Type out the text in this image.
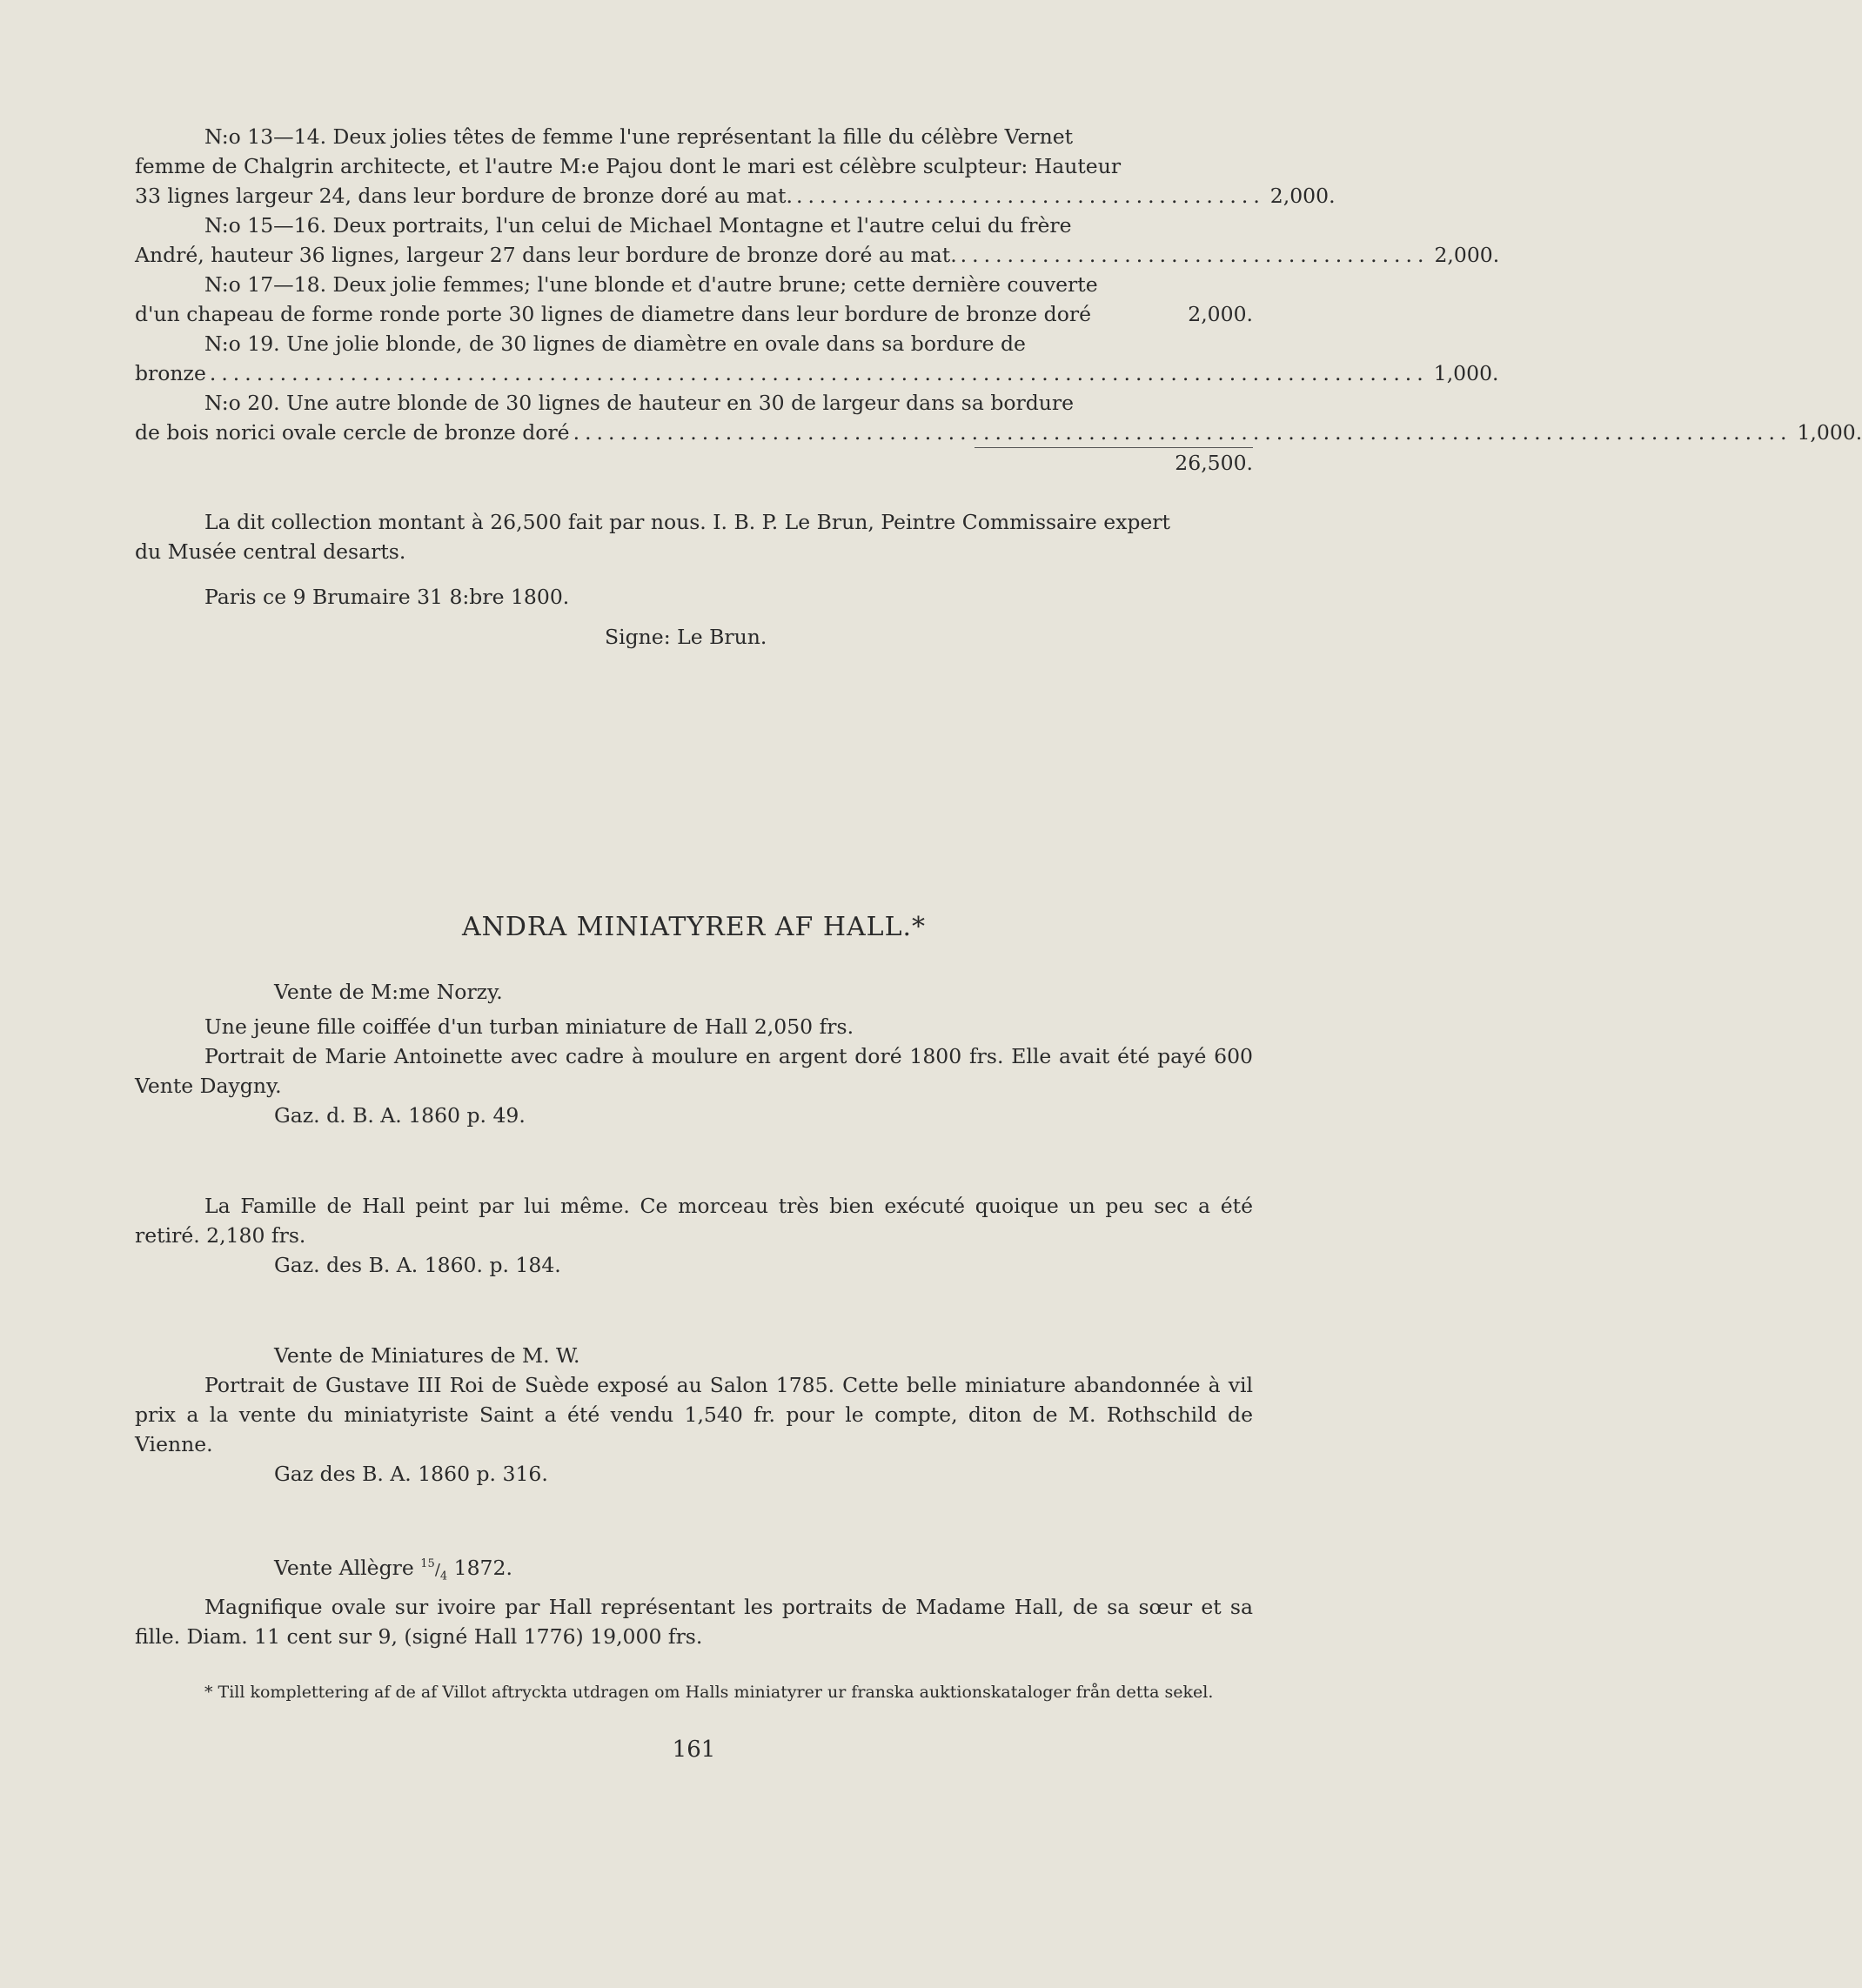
N:o 13—14. Deux jolies têtes de femme l'une représentant la fille du célèbre Vernet

femme de Chalgrin architecte, et l'autre M:e Pajou dont le mari est célèbre sculpteur: Hauteur

33 lignes largeur 24, dans leur bordure de bronze doré au mat. ........................................ 2,000.

N:o 15—16. Deux portraits, l'un celui de Michael Montagne et l'autre celui du frère

André, hauteur 36 lignes, largeur 27 dans leur bordure de bronze doré au mat. ........................................ 2,000.

N:o 17—18. Deux jolie femmes; l'une blonde et d'autre brune; cette dernière couverte

d'un chapeau de forme ronde porte 30 lignes de diametre dans leur bordure de bronze doré	2,000.

N:o 19. Une jolie blonde, de 30 lignes de diamètre en ovale dans sa bordure de

bronze ........................................................................................................ 1,000.

N:o 20. Une autre blonde de 30 lignes de hauteur en 30 de largeur dans sa bordure

de bois norici ovale cercle de bronze doré ........................................................................................................ 1,000.
26,500.

La dit collection montant à 26,500 fait par nous. I. B. P. Le Brun, Peintre Commissaire expert

du Musée central desarts.

Paris ce 9 Brumaire 31 8:bre 1800.

Signe: Le Brun.

ANDRA MINIATYRER AF HALL.*

Vente de M:me Norzy.

Une jeune fille coiffée d'un turban miniature de Hall 2,050 frs.

Portrait de Marie Antoinette avec cadre à moulure en argent doré 1800 frs. Elle avait été payé 600 Vente Daygny.

Gaz. d. B. A. 1860 p. 49.

La Famille de Hall peint par lui même. Ce morceau très bien exécuté quoique un peu sec a été retiré. 2,180 frs.

Gaz. des B. A. 1860. p. 184.

Vente de Miniatures de M. W.

Portrait de Gustave III Roi de Suède exposé au Salon 1785. Cette belle miniature abandonnée à vil prix a la vente du miniatyriste Saint a été vendu 1,540 fr. pour le compte, diton de M. Rothschild de Vienne.

Gaz des B. A. 1860 p. 316.

Vente Allègre $^{15}/_4$ 1872.

Magnifique ovale sur ivoire par Hall représentant les portraits de Madame Hall, de sa sœur et sa fille. Diam. 11 cent sur 9, (signé Hall 1776) 19,000 frs.

* Till komplettering af de af Villot aftryckta utdragen om Halls miniatyrer ur franska auktionskataloger från detta sekel.

161
